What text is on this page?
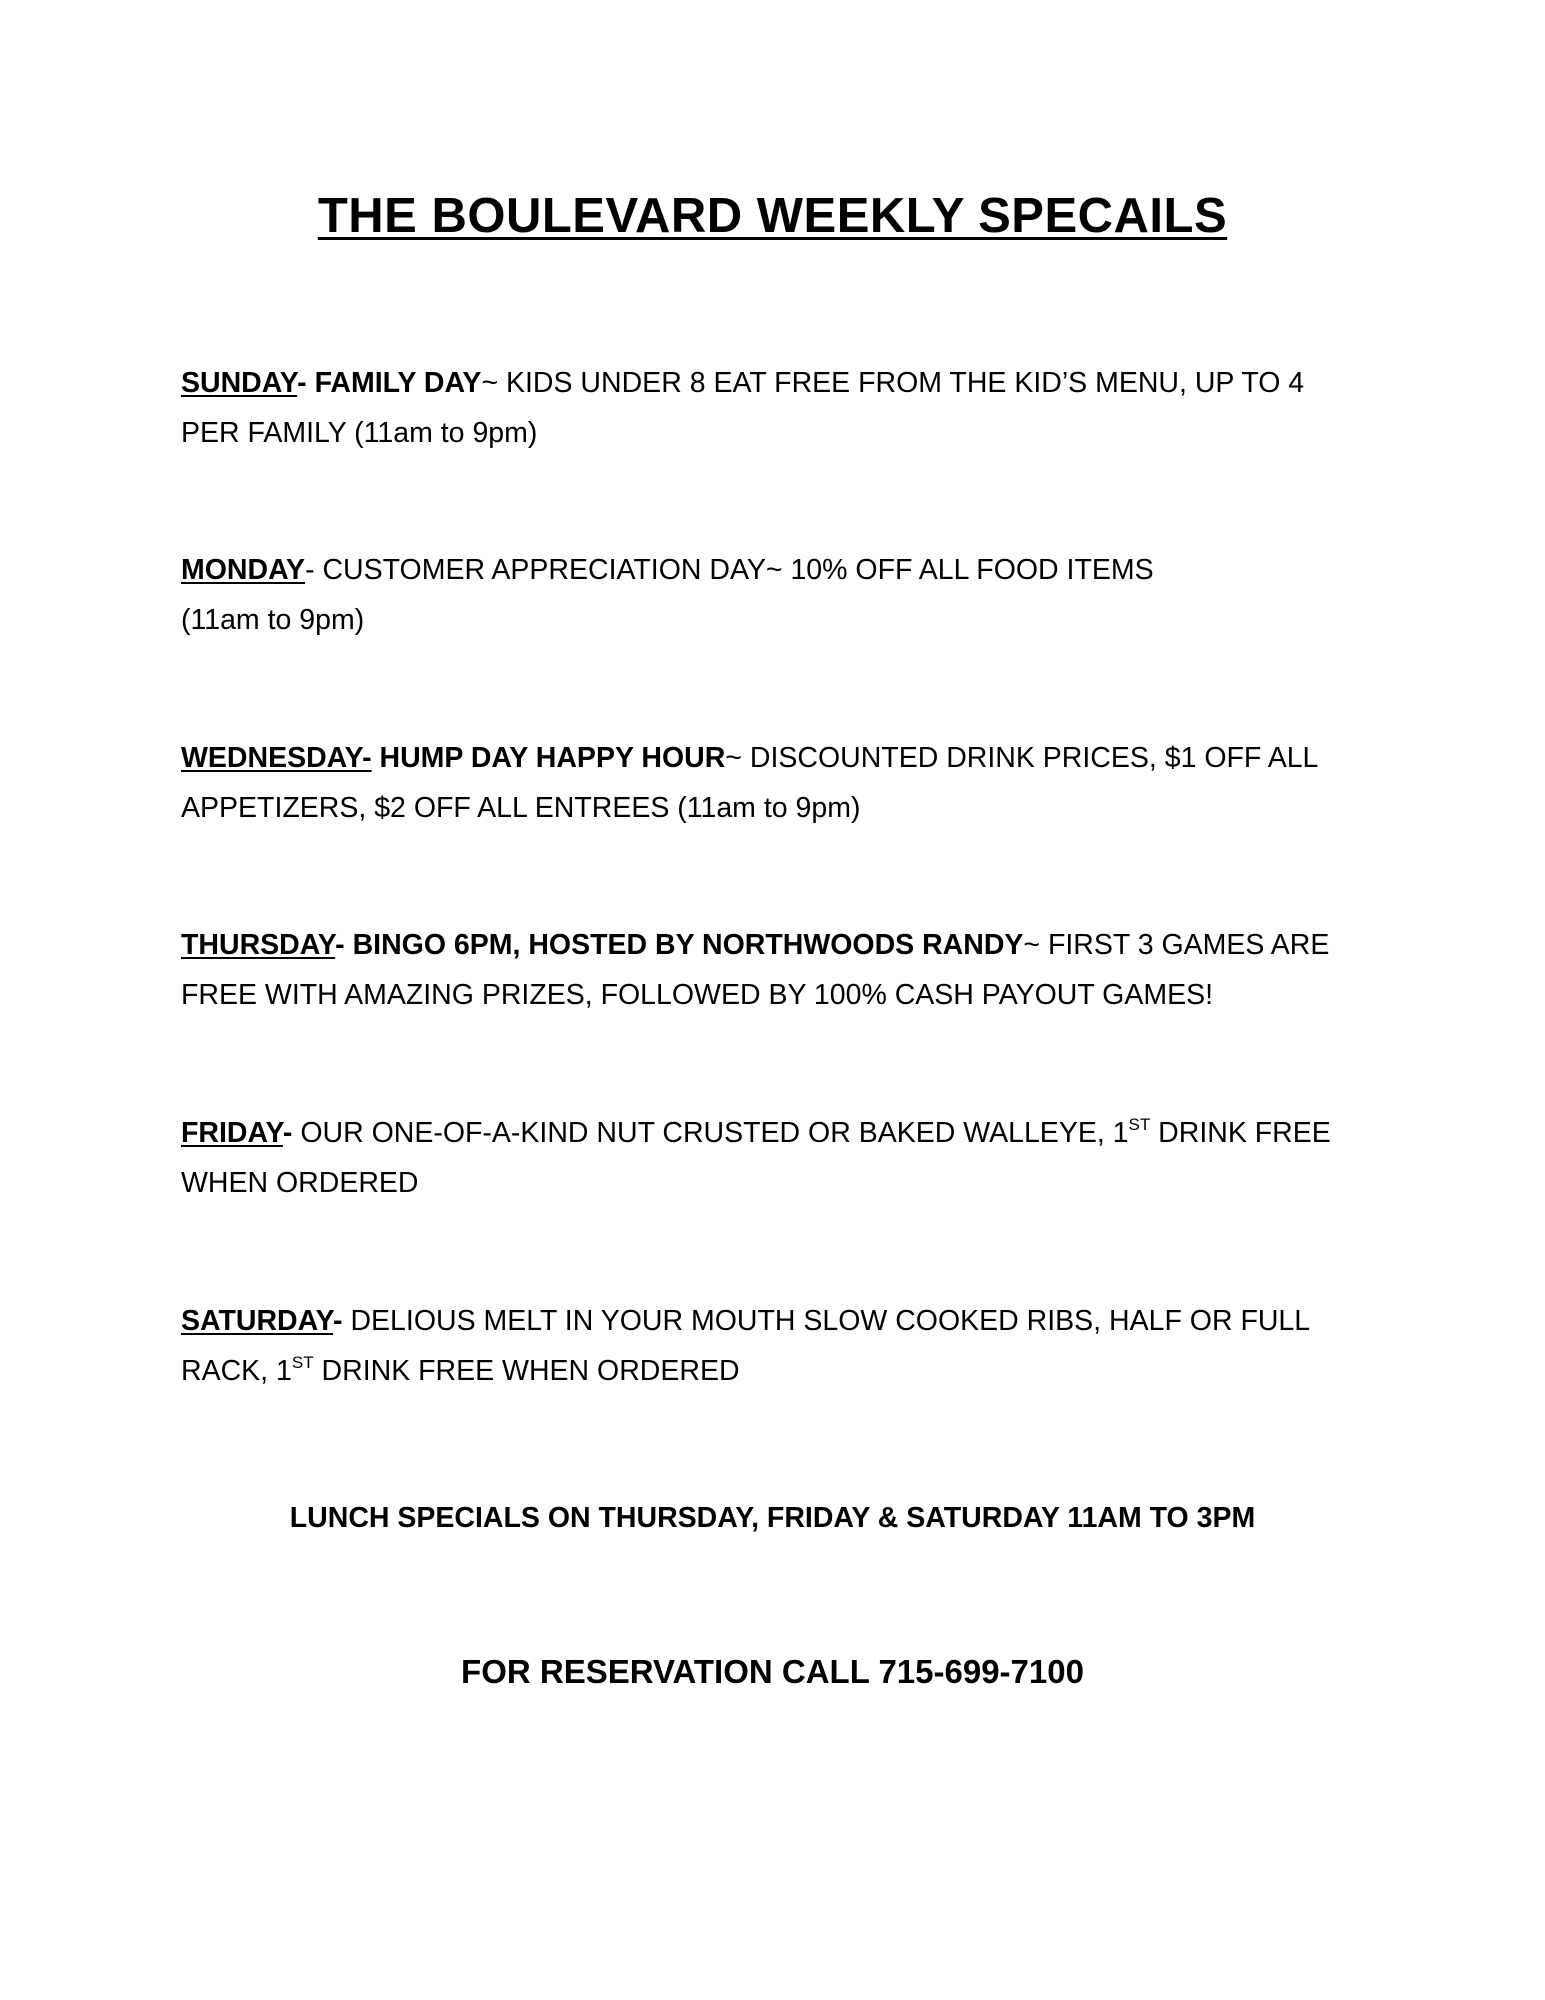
THE BOULEVARD WEEKLY SPECAILS

SUNDAY- FAMILY DAY~ KIDS UNDER 8 EAT FREE FROM THE KID’S MENU, UP TO 4 PER FAMILY (11am to 9pm)

MONDAY- CUSTOMER APPRECIATION DAY~ 10% OFF ALL FOOD ITEMS
(11am to 9pm)

WEDNESDAY- HUMP DAY HAPPY HOUR~ DISCOUNTED DRINK PRICES, $1 OFF ALL APPETIZERS, $2 OFF ALL ENTREES (11am to 9pm)

THURSDAY- BINGO 6PM, HOSTED BY NORTHWOODS RANDY~ FIRST 3 GAMES ARE FREE WITH AMAZING PRIZES, FOLLOWED BY 100% CASH PAYOUT GAMES!

FRIDAY- OUR ONE-OF-A-KIND NUT CRUSTED OR BAKED WALLEYE, 1ST DRINK FREE WHEN ORDERED

SATURDAY- DELIOUS MELT IN YOUR MOUTH SLOW COOKED RIBS, HALF OR FULL RACK, 1ST DRINK FREE WHEN ORDERED

LUNCH SPECIALS ON THURSDAY, FRIDAY & SATURDAY 11AM TO 3PM

FOR RESERVATION CALL 715-699-7100
